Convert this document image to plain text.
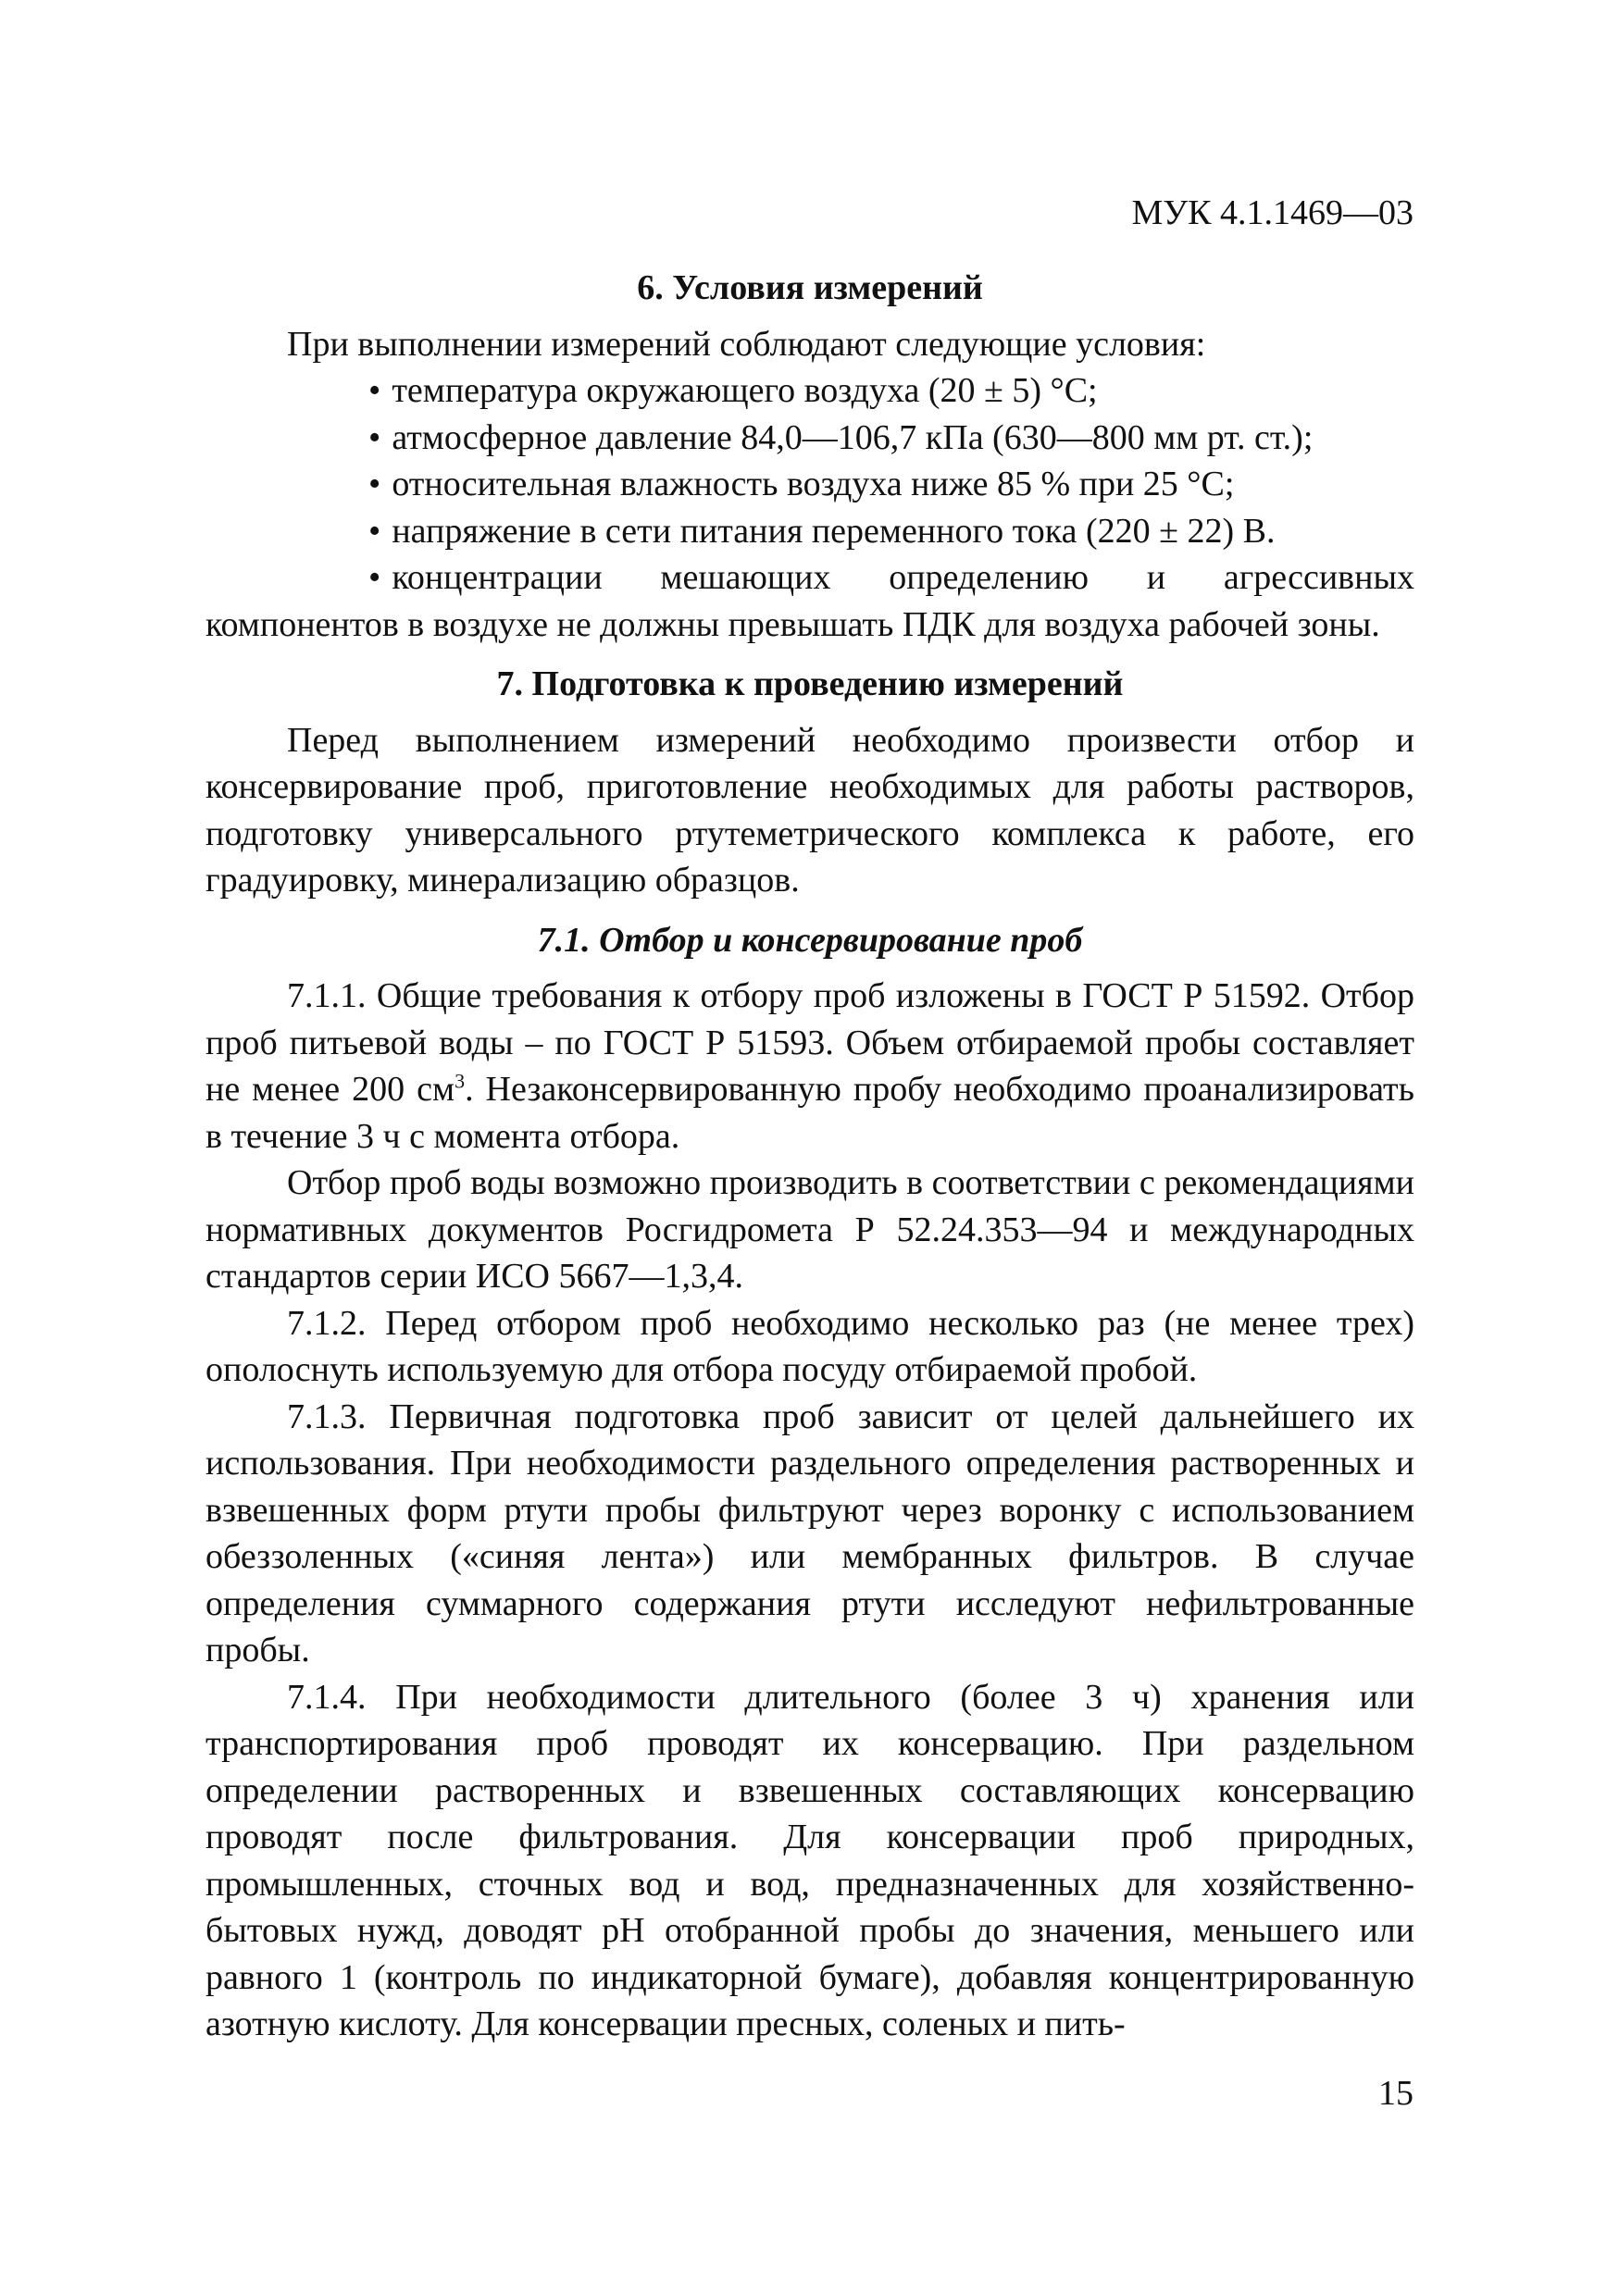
МУК 4.1.1469—03
6. Условия измерений

При выполнении измерений соблюдают следующие условия:

• температура окружающего воздуха (20 ± 5) °С;

• атмосферное давление 84,0—106,7 кПа (630—800 мм рт. ст.);

• относительная влажность воздуха ниже 85 % при 25 °С;

• напряжение в сети питания переменного тока (220 ± 22) В.

• концентрации мешающих определению и агрессивных компонентов в воздухе не должны превышать ПДК для воздуха рабочей зоны.

7. Подготовка к проведению измерений

Перед выполнением измерений необходимо произвести отбор и консервирование проб, приготовление необходимых для работы растворов, подготовку универсального ртутеметрического комплекса к работе, его градуировку, минерализацию образцов.

7.1. Отбор и консервирование проб

7.1.1. Общие требования к отбору проб изложены в ГОСТ Р 51592. Отбор проб питьевой воды – по ГОСТ Р 51593. Объем отбираемой пробы составляет не менее 200 $см^3$. Незаконсервированную пробу необходимо проанализировать в течение 3 ч с момента отбора.

Отбор проб воды возможно производить в соответствии с рекомендациями нормативных документов Росгидромета Р 52.24.353—94 и международных стандартов серии ИСО 5667—1,3,4.

7.1.2. Перед отбором проб необходимо несколько раз (не менее трех) ополоснуть используемую для отбора посуду отбираемой пробой.

7.1.3. Первичная подготовка проб зависит от целей дальнейшего их использования. При необходимости раздельного определения растворенных и взвешенных форм ртути пробы фильтруют через воронку с использованием обеззоленных («синяя лента») или мембранных фильтров. В случае определения суммарного содержания ртути исследуют нефильтрованные пробы.

7.1.4. При необходимости длительного (более 3 ч) хранения или транспортирования проб проводят их консервацию. При раздельном определении растворенных и взвешенных составляющих консервацию проводят после фильтрования. Для консервации проб природных, промышленных, сточных вод и вод, предназначенных для хозяйственно-бытовых нужд, доводят pH отобранной пробы до значения, меньшего или равного 1 (контроль по индикаторной бумаге), добавляя концентрированную азотную кислоту. Для консервации пресных, соленых и пить-

15
